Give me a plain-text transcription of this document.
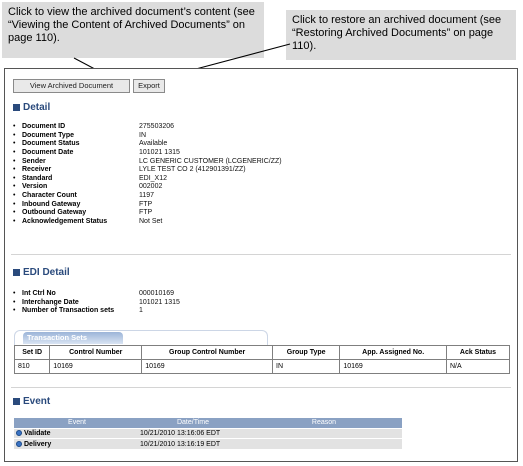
Click to view the archived document’s content (see “Viewing the Content of Archived Documents” on page 110).
Click to restore an archived document (see “Restoring Archived Documents” on page 110).
View Archived Document	Export
Detail
• Document ID	275503206
• Document Type	IN
• Document Status	Available
• Document Date	101021 1315
• Sender	LC GENERIC CUSTOMER (LCGENERIC/ZZ)
• Receiver	LYLE TEST CO 2 (412901391/ZZ)
• Standard	EDI_X12
• Version	002002
• Character Count	1197
• Inbound Gateway	FTP
• Outbound Gateway	FTP
• Acknowledgement Status	Not Set
EDI Detail
• Int Ctrl No	000010169
• Interchange Date	101021 1315
• Number of Transaction sets	1
Transaction Sets
Set ID	Control Number	Group Control Number	Group Type	App. Assigned No.	Ack Status
810	10169	10169	IN	10169	N/A
Event
Event	Date/Time	Reason
Validate	10/21/2010 13:16:06 EDT	
Delivery	10/21/2010 13:16:19 EDT	
